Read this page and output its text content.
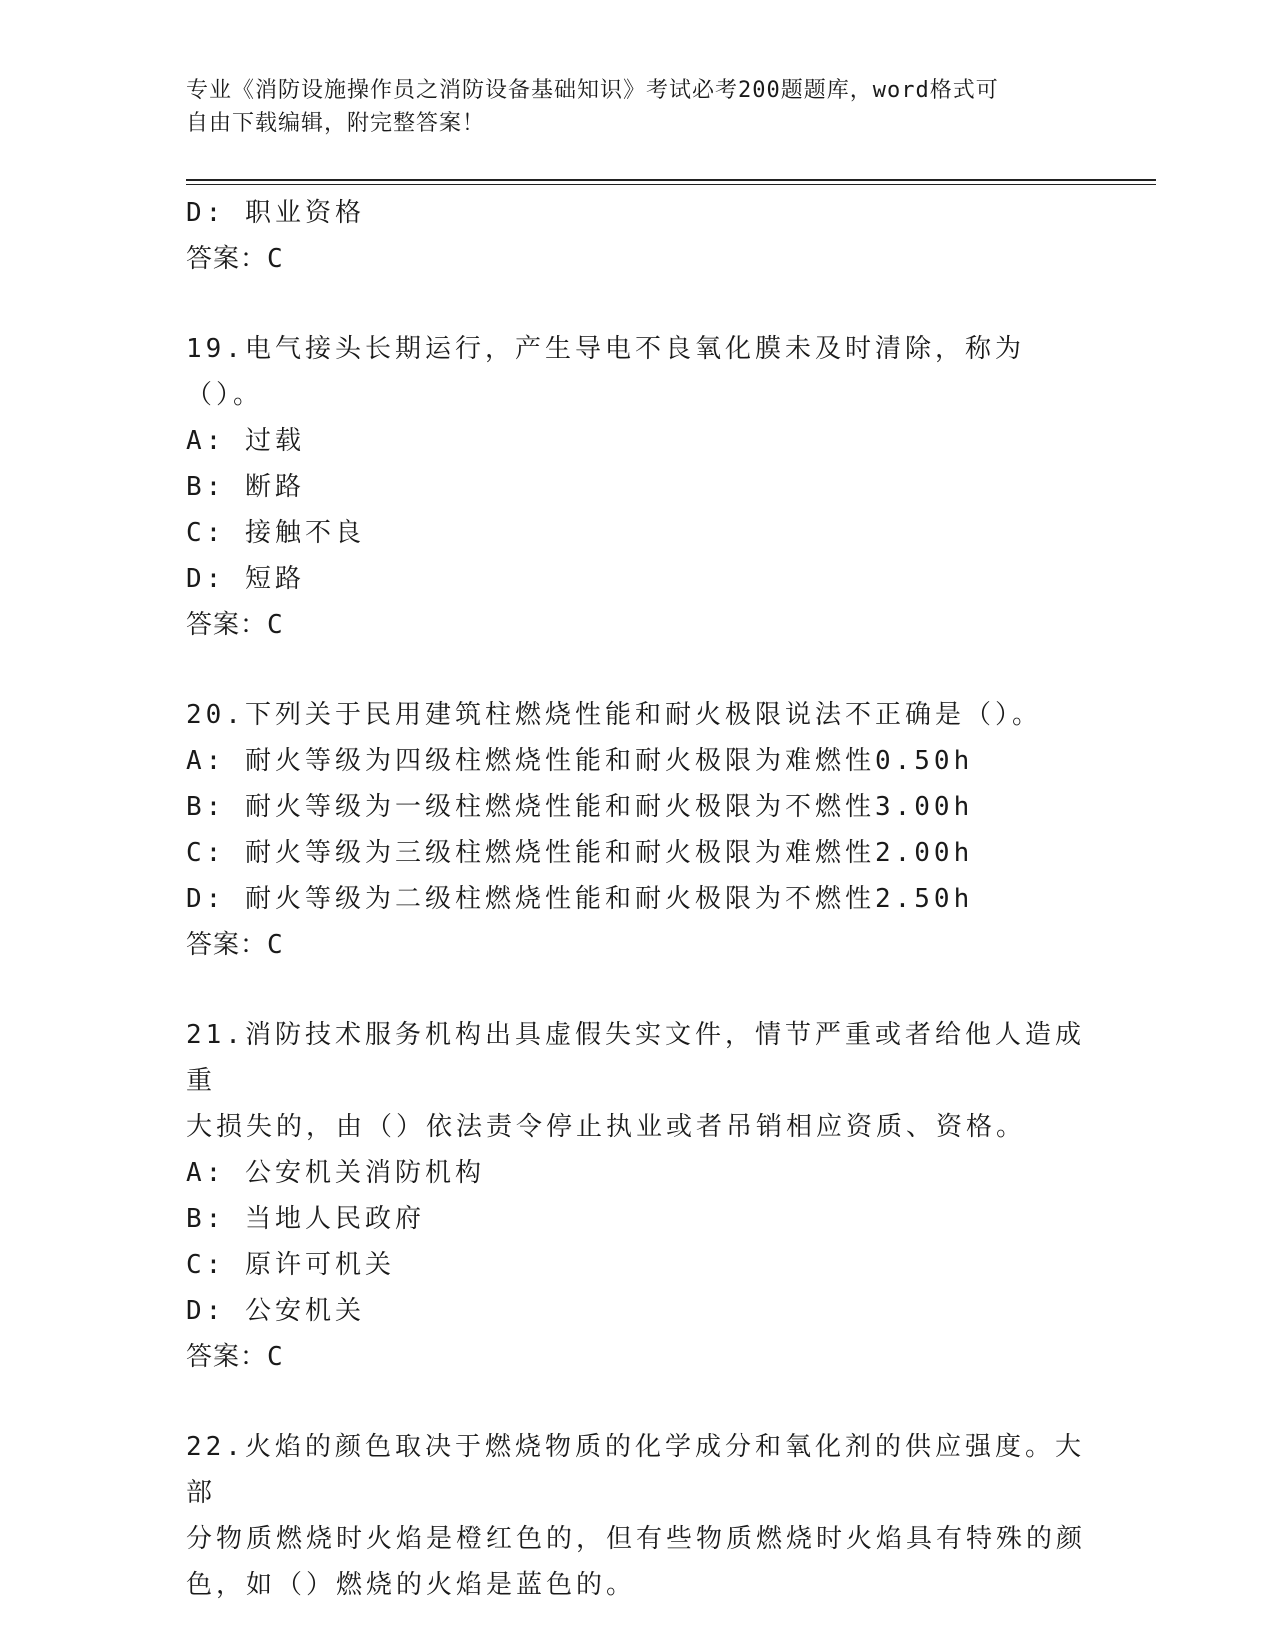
专业《消防设施操作员之消防设备基础知识》考试必考200题题库，word格式可
自由下载编辑，附完整答案！
D: 职业资格
答案：C
19.电气接头长期运行，产生导电不良氧化膜未及时清除，称为（）。
A: 过载
B: 断路
C: 接触不良
D: 短路
答案：C
20.下列关于民用建筑柱燃烧性能和耐火极限说法不正确是（）。
A: 耐火等级为四级柱燃烧性能和耐火极限为难燃性0.50h
B: 耐火等级为一级柱燃烧性能和耐火极限为不燃性3.00h
C: 耐火等级为三级柱燃烧性能和耐火极限为难燃性2.00h
D: 耐火等级为二级柱燃烧性能和耐火极限为不燃性2.50h
答案：C
21.消防技术服务机构出具虚假失实文件，情节严重或者给他人造成重
大损失的，由（）依法责令停止执业或者吊销相应资质、资格。
A: 公安机关消防机构
B: 当地人民政府
C: 原许可机关
D: 公安机关
答案：C
22.火焰的颜色取决于燃烧物质的化学成分和氧化剂的供应强度。大部
分物质燃烧时火焰是橙红色的，但有些物质燃烧时火焰具有特殊的颜
色，如（）燃烧的火焰是蓝色的。
